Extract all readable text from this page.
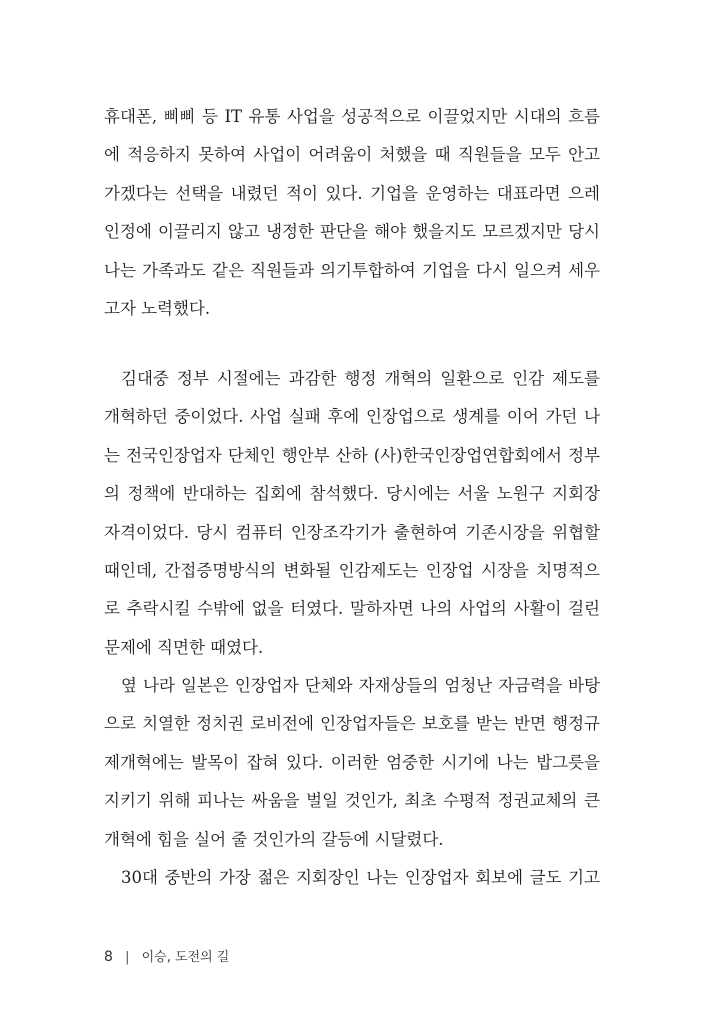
휴대폰, 삐삐 등 IT 유통 사업을 성공적으로 이끌었지만 시대의 흐름
에 적응하지 못하여 사업이 어려움이 처했을 때 직원들을 모두 안고
가겠다는 선택을 내렸던 적이 있다. 기업을 운영하는 대표라면 으레
인정에 이끌리지 않고 냉정한 판단을 해야 했을지도 모르겠지만 당시
나는 가족과도 같은 직원들과 의기투합하여 기업을 다시 일으켜 세우
고자 노력했다.
김대중 정부 시절에는 과감한 행정 개혁의 일환으로 인감 제도를
개혁하던 중이었다. 사업 실패 후에 인장업으로 생계를 이어 가던 나
는 전국인장업자 단체인 행안부 산하 (사)한국인장업연합회에서 정부
의 정책에 반대하는 집회에 참석했다. 당시에는 서울 노원구 지회장
자격이었다. 당시 컴퓨터 인장조각기가 출현하여 기존시장을 위협할
때인데, 간접증명방식의 변화될 인감제도는 인장업 시장을 치명적으
로 추락시킬 수밖에 없을 터였다. 말하자면 나의 사업의 사활이 걸린
문제에 직면한 때였다.
옆 나라 일본은 인장업자 단체와 자재상들의 엄청난 자금력을 바탕
으로 치열한 정치권 로비전에 인장업자들은 보호를 받는 반면 행정규
제개혁에는 발목이 잡혀 있다. 이러한 엄중한 시기에 나는 밥그릇을
지키기 위해 피나는 싸움을 벌일 것인가, 최초 수평적 정권교체의 큰
개혁에 힘을 실어 줄 것인가의 갈등에 시달렸다.
30대 중반의 가장 젊은 지회장인 나는 인장업자 회보에 글도 기고
8 | 이승, 도전의 길
